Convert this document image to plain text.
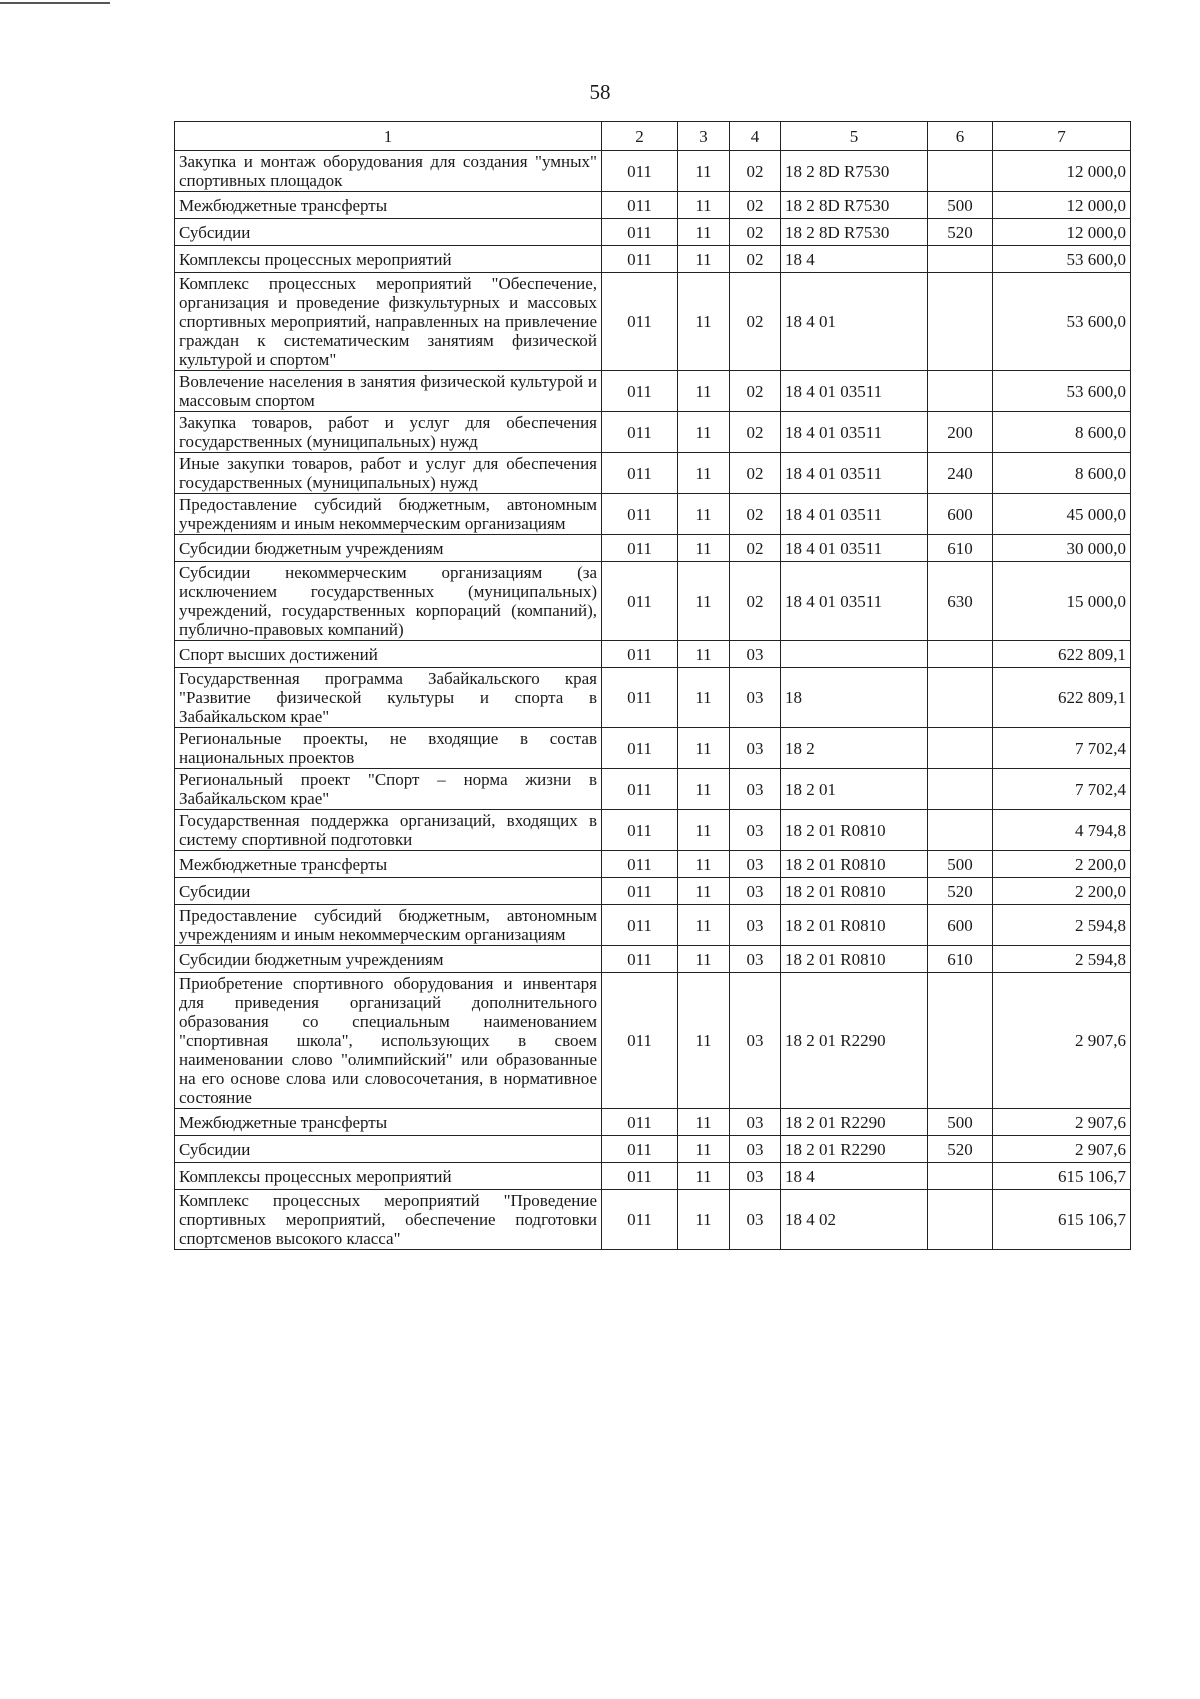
58
1	2	3	4	5	6	7
Закупка и монтаж оборудования для создания "умных" спортивных площадок	011	11	02	18 2 8D R7530		12 000,0
Межбюджетные трансферты	011	11	02	18 2 8D R7530	500	12 000,0
Субсидии	011	11	02	18 2 8D R7530	520	12 000,0
Комплексы процессных мероприятий	011	11	02	18 4		53 600,0
Комплекс процессных мероприятий "Обеспечение, организация и проведение физкультурных и массовых спортивных мероприятий, направленных на привлечение граждан к систематическим занятиям физической культурой и спортом"	011	11	02	18 4 01		53 600,0
Вовлечение населения в занятия физической культурой и массовым спортом	011	11	02	18 4 01 03511		53 600,0
Закупка товаров, работ и услуг для обеспечения государственных (муниципальных) нужд	011	11	02	18 4 01 03511	200	8 600,0
Иные закупки товаров, работ и услуг для обеспечения государственных (муниципальных) нужд	011	11	02	18 4 01 03511	240	8 600,0
Предоставление субсидий бюджетным, автономным учреждениям и иным некоммерческим организациям	011	11	02	18 4 01 03511	600	45 000,0
Субсидии бюджетным учреждениям	011	11	02	18 4 01 03511	610	30 000,0
Субсидии некоммерческим организациям (за исключением государственных (муниципальных) учреждений, государственных корпораций (компаний), публично-правовых компаний)	011	11	02	18 4 01 03511	630	15 000,0
Спорт высших достижений	011	11	03			622 809,1
Государственная программа Забайкальского края "Развитие физической культуры и спорта в Забайкальском крае"	011	11	03	18		622 809,1
Региональные проекты, не входящие в состав национальных проектов	011	11	03	18 2		7 702,4
Региональный проект "Спорт – норма жизни в Забайкальском крае"	011	11	03	18 2 01		7 702,4
Государственная поддержка организаций, входящих в систему спортивной подготовки	011	11	03	18 2 01 R0810		4 794,8
Межбюджетные трансферты	011	11	03	18 2 01 R0810	500	2 200,0
Субсидии	011	11	03	18 2 01 R0810	520	2 200,0
Предоставление субсидий бюджетным, автономным учреждениям и иным некоммерческим организациям	011	11	03	18 2 01 R0810	600	2 594,8
Субсидии бюджетным учреждениям	011	11	03	18 2 01 R0810	610	2 594,8
Приобретение спортивного оборудования и инвентаря для приведения организаций дополнительного образования со специальным наименованием "спортивная школа", использующих в своем наименовании слово "олимпийский" или образованные на его основе слова или словосочетания, в нормативное состояние	011	11	03	18 2 01 R2290		2 907,6
Межбюджетные трансферты	011	11	03	18 2 01 R2290	500	2 907,6
Субсидии	011	11	03	18 2 01 R2290	520	2 907,6
Комплексы процессных мероприятий	011	11	03	18 4		615 106,7
Комплекс процессных мероприятий "Проведение спортивных мероприятий, обеспечение подготовки спортсменов высокого класса"	011	11	03	18 4 02		615 106,7
